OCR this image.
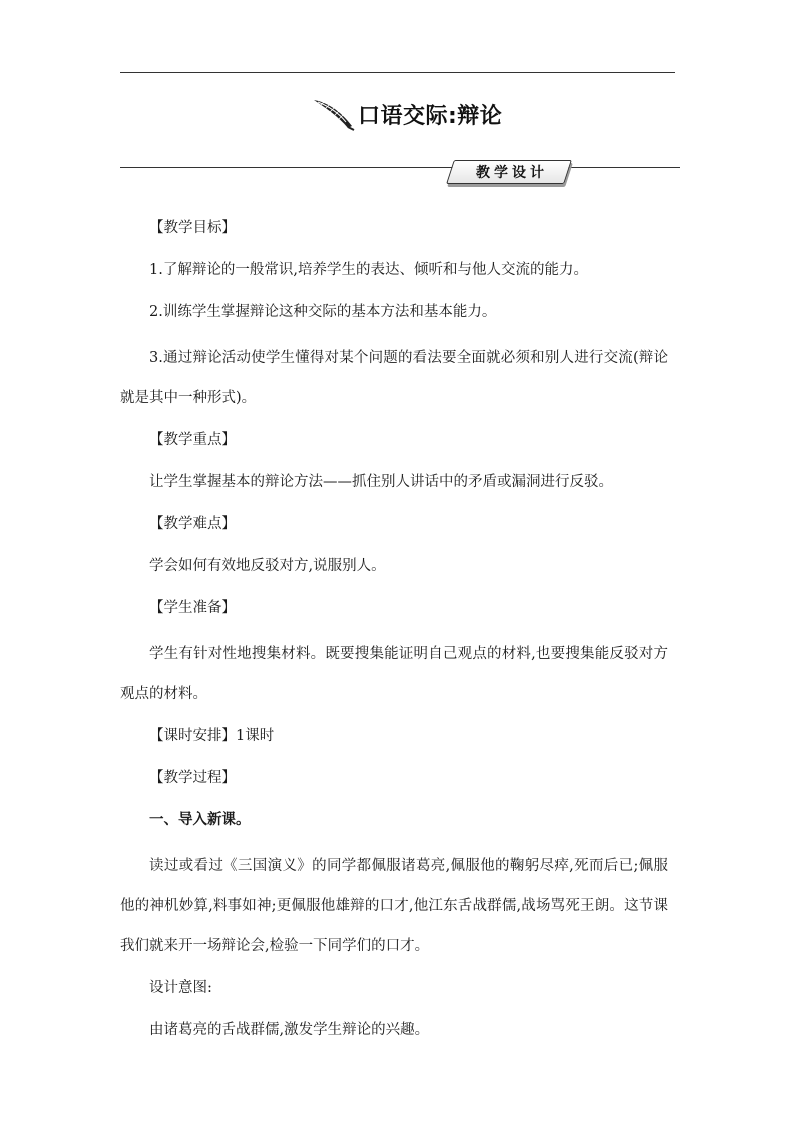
口语交际:辩论
教学设计

【教学目标】

1.了解辩论的一般常识,培养学生的表达、倾听和与他人交流的能力。

2.训练学生掌握辩论这种交际的基本方法和基本能力。

3.通过辩论活动使学生懂得对某个问题的看法要全面就必须和别人进行交流(辩论就是其中一种形式)。

【教学重点】

让学生掌握基本的辩论方法——抓住别人讲话中的矛盾或漏洞进行反驳。

【教学难点】

学会如何有效地反驳对方,说服别人。

【学生准备】

学生有针对性地搜集材料。既要搜集能证明自己观点的材料,也要搜集能反驳对方观点的材料。

【课时安排】1课时

【教学过程】

一、导入新课。

读过或看过《三国演义》的同学都佩服诸葛亮,佩服他的鞠躬尽瘁,死而后已;佩服他的神机妙算,料事如神;更佩服他雄辩的口才,他江东舌战群儒,战场骂死王朗。这节课我们就来开一场辩论会,检验一下同学们的口才。

设计意图:

由诸葛亮的舌战群儒,激发学生辩论的兴趣。
